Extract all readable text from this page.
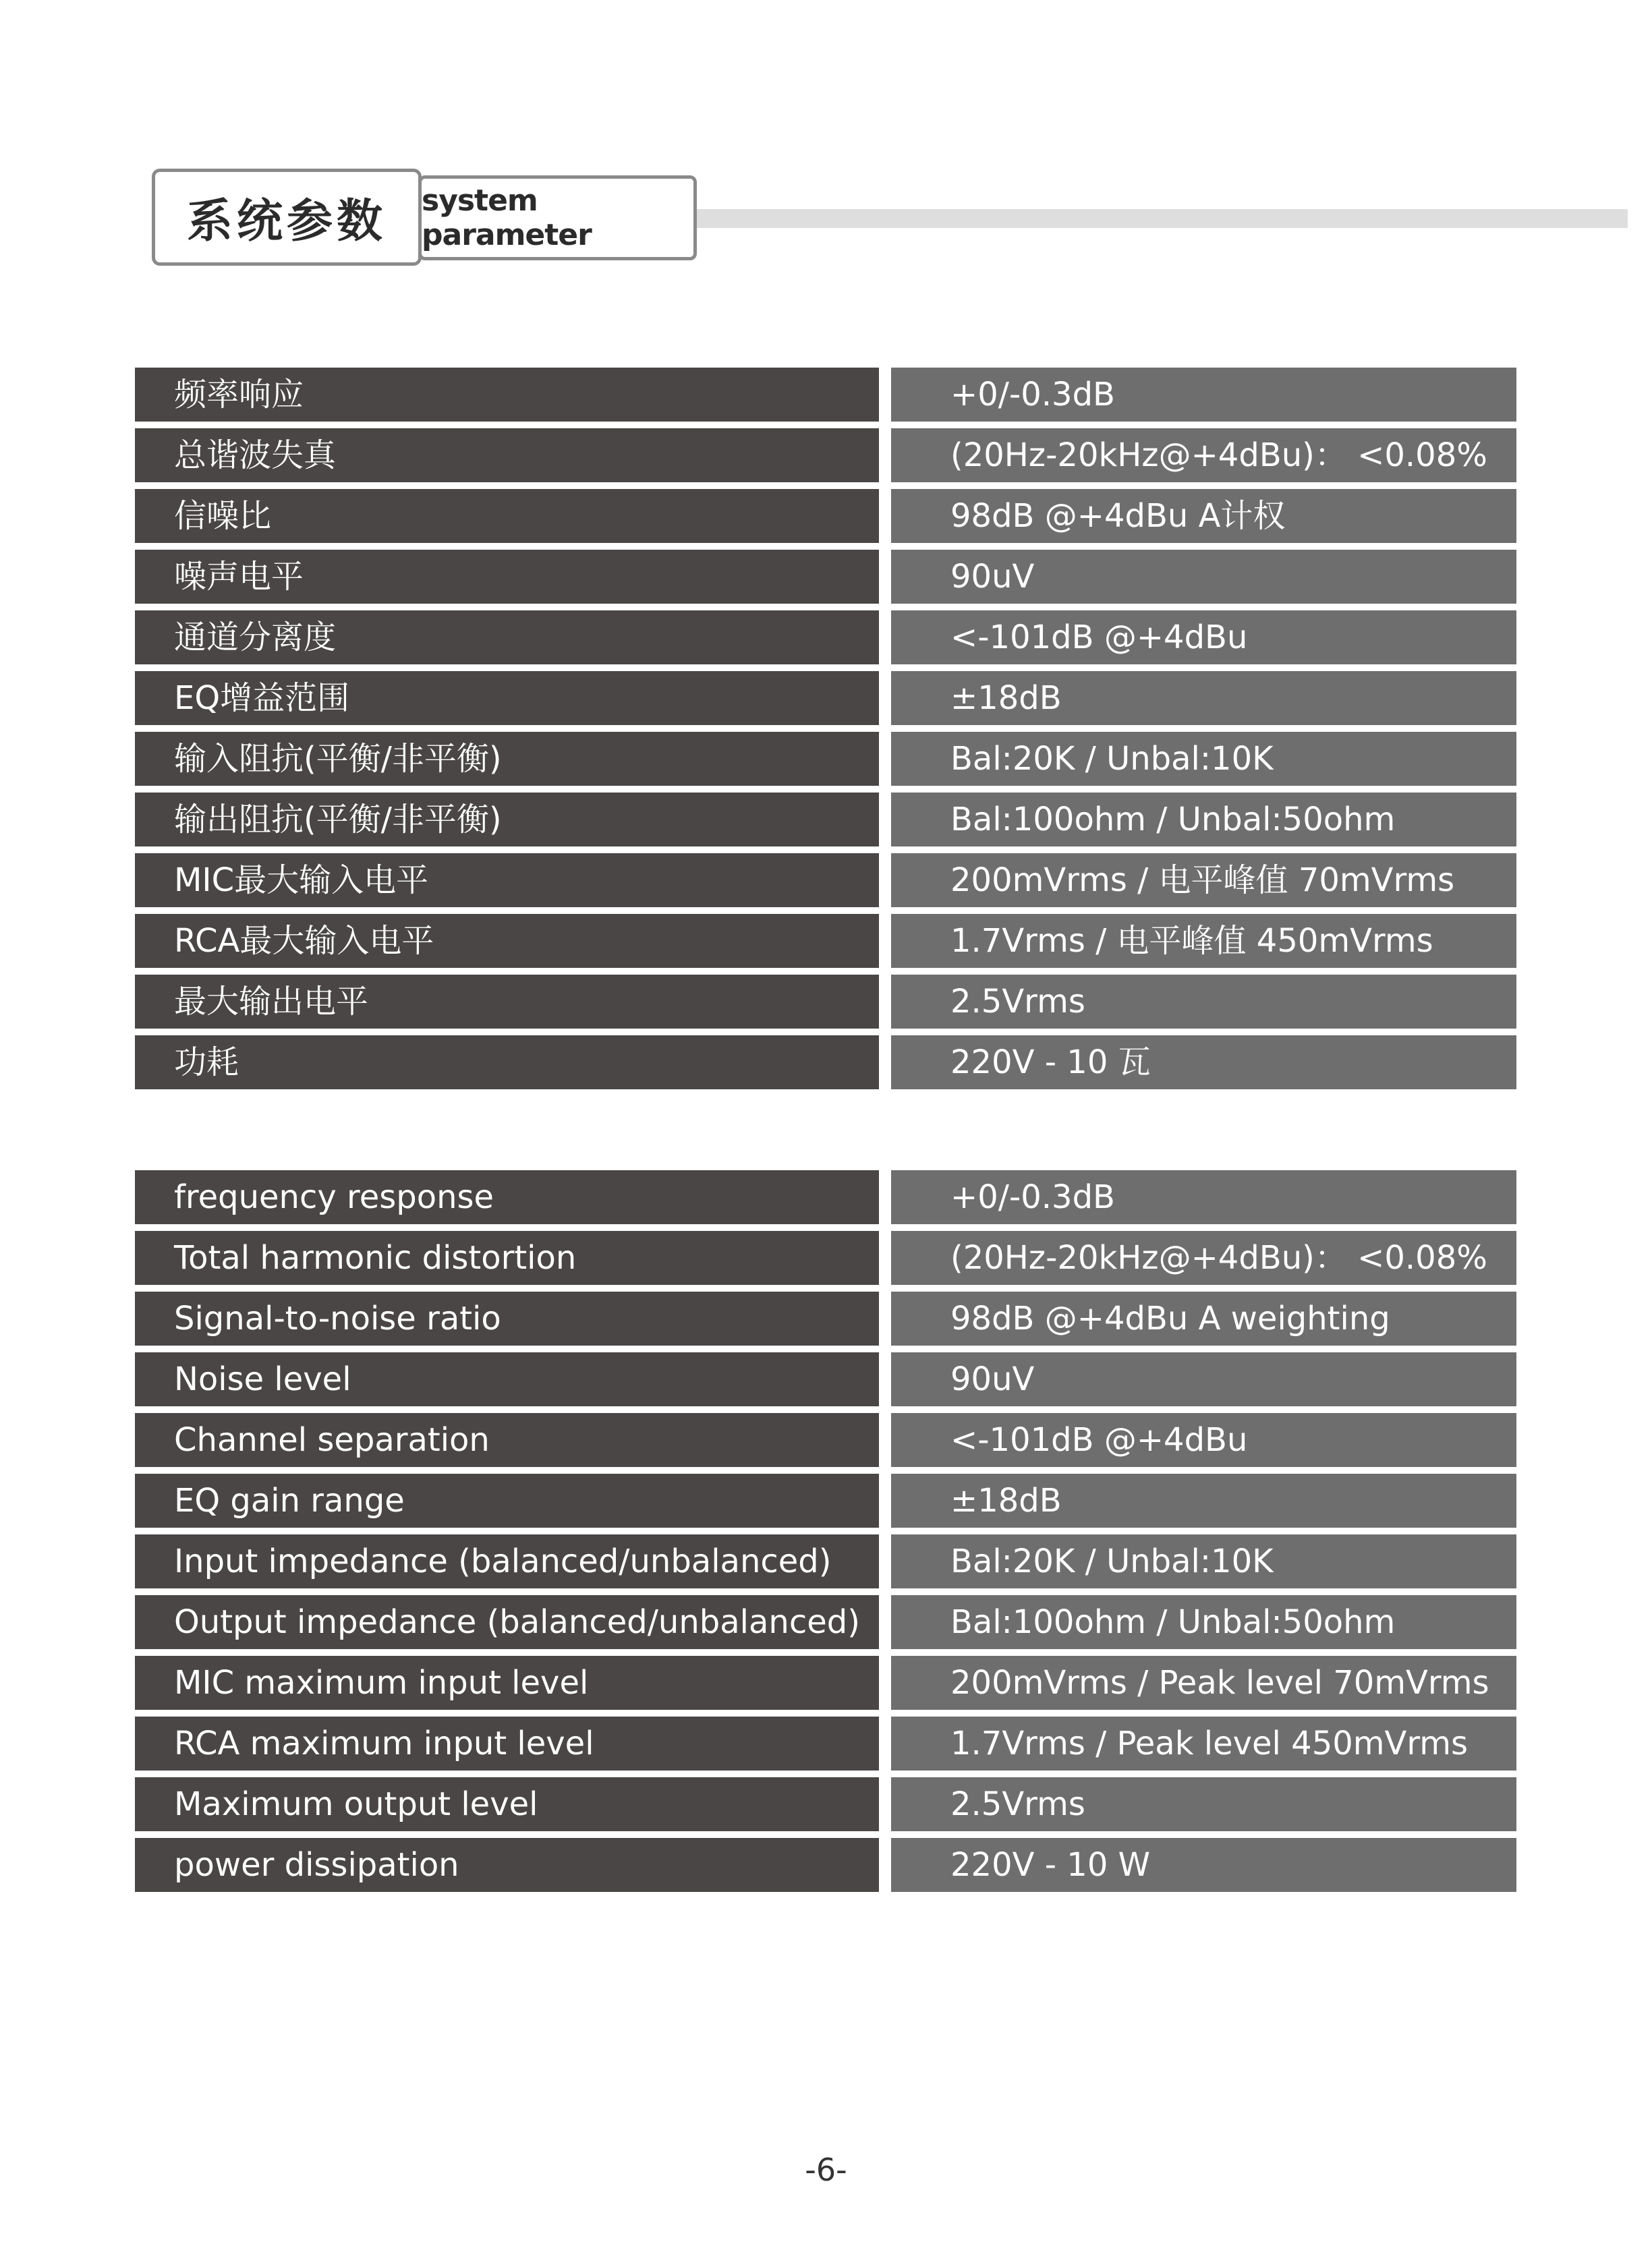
系统参数	system parameter
频率响应	+0/-0.3dB
总谐波失真	(20Hz-20kHz@+4dBu)： <0.08%
信噪比	98dB @+4dBu A计权
噪声电平	90uV
通道分离度	<-101dB @+4dBu
EQ增益范围	±18dB
输入阻抗(平衡/非平衡)	Bal:20K / Unbal:10K
输出阻抗(平衡/非平衡)	Bal:100ohm / Unbal:50ohm
MIC最大输入电平	200mVrms / 电平峰值 70mVrms
RCA最大输入电平	1.7Vrms / 电平峰值 450mVrms
最大输出电平	2.5Vrms
功耗	220V - 10 瓦
frequency response	+0/-0.3dB
Total harmonic distortion	(20Hz-20kHz@+4dBu)： <0.08%
Signal-to-noise ratio	98dB @+4dBu A weighting
Noise level	90uV
Channel separation	<-101dB @+4dBu
EQ gain range	±18dB
Input impedance (balanced/unbalanced)	Bal:20K / Unbal:10K
Output impedance (balanced/unbalanced)	Bal:100ohm / Unbal:50ohm
MIC maximum input level	200mVrms / Peak level 70mVrms
RCA maximum input level	1.7Vrms / Peak level 450mVrms
Maximum output level	2.5Vrms
power dissipation	220V - 10 W
-6-
